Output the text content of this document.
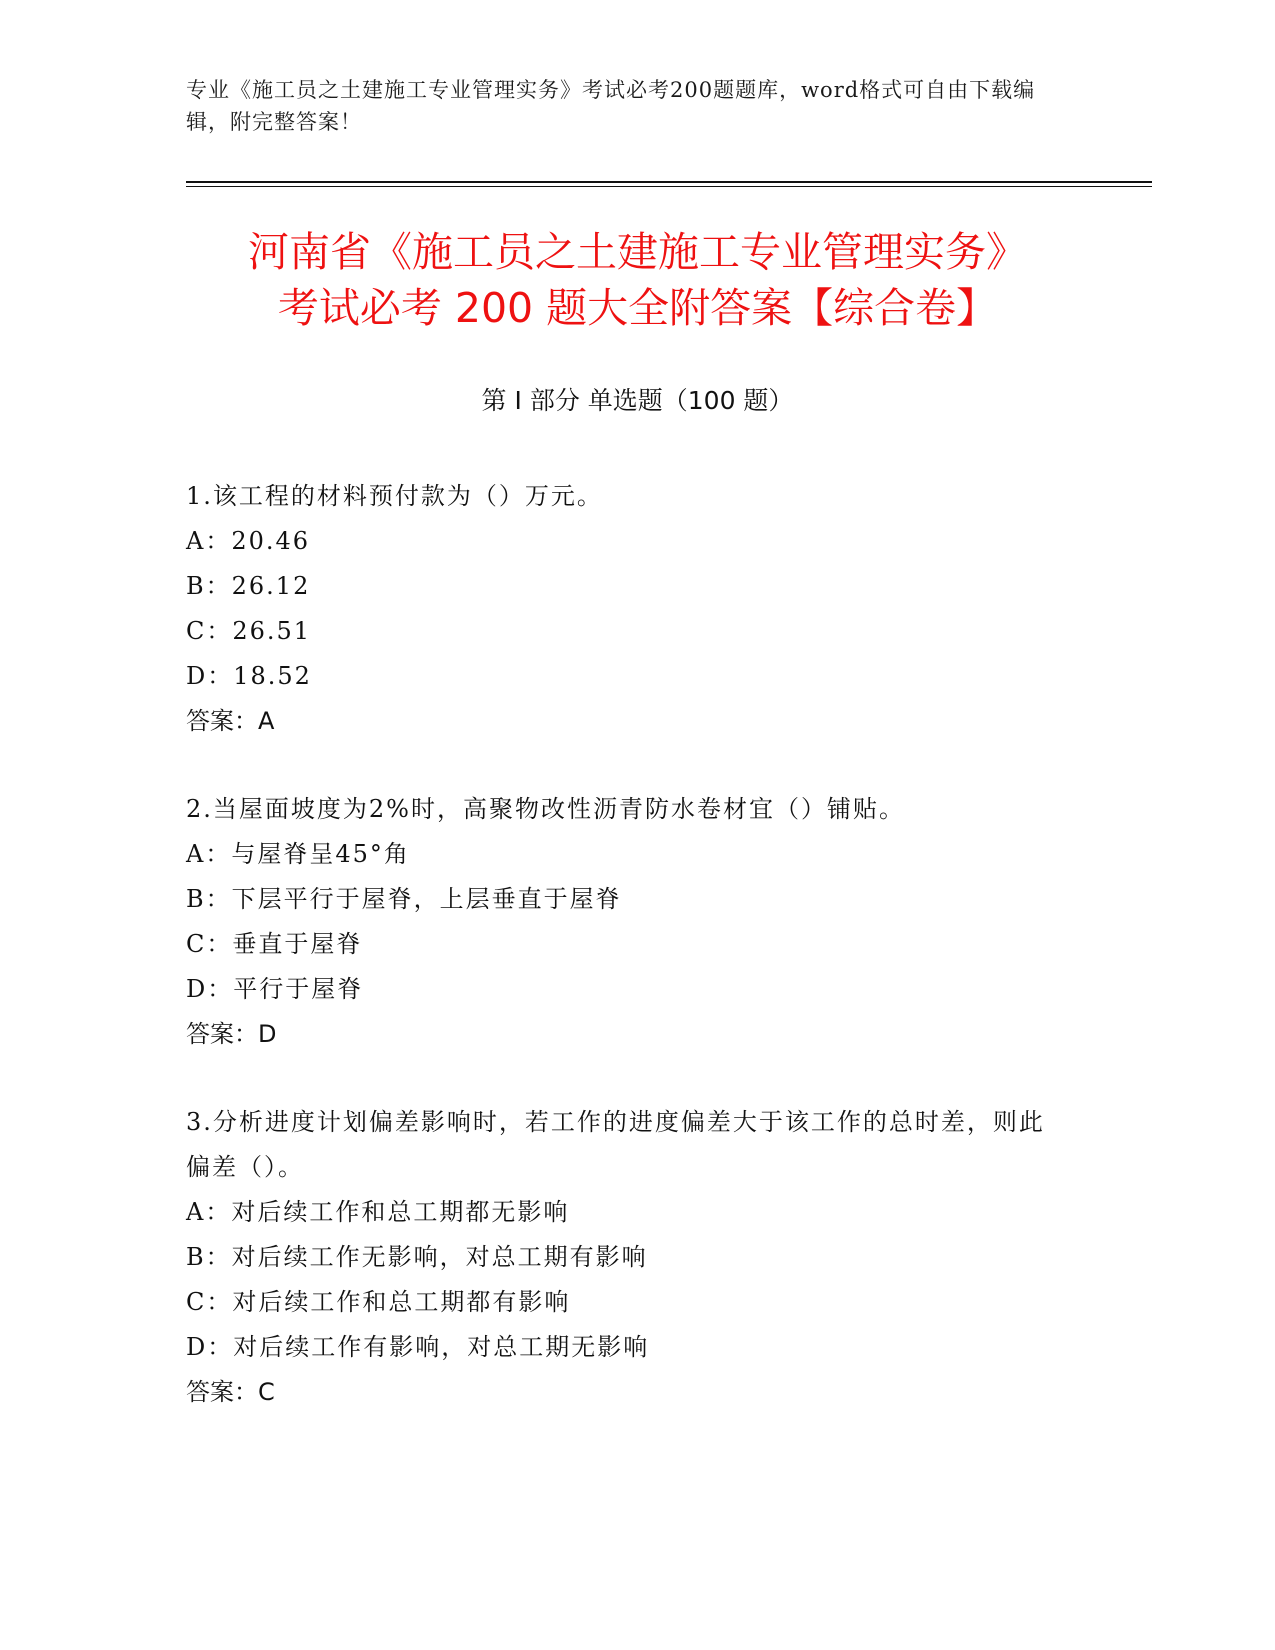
专业《施工员之土建施工专业管理实务》考试必考200题题库，word格式可自由下载编辑，附完整答案！
河南省《施工员之土建施工专业管理实务》
考试必考 200 题大全附答案【综合卷】
第 I 部分 单选题（100 题）
1.该工程的材料预付款为（）万元。
A：20.46
B：26.12
C：26.51
D：18.52
答案：A
2.当屋面坡度为2%时，高聚物改性沥青防水卷材宜（）铺贴。
A：与屋脊呈45°角
B：下层平行于屋脊，上层垂直于屋脊
C：垂直于屋脊
D：平行于屋脊
答案：D
3.分析进度计划偏差影响时，若工作的进度偏差大于该工作的总时差，则此偏差（）。
A：对后续工作和总工期都无影响
B：对后续工作无影响，对总工期有影响
C：对后续工作和总工期都有影响
D：对后续工作有影响，对总工期无影响
答案：C
